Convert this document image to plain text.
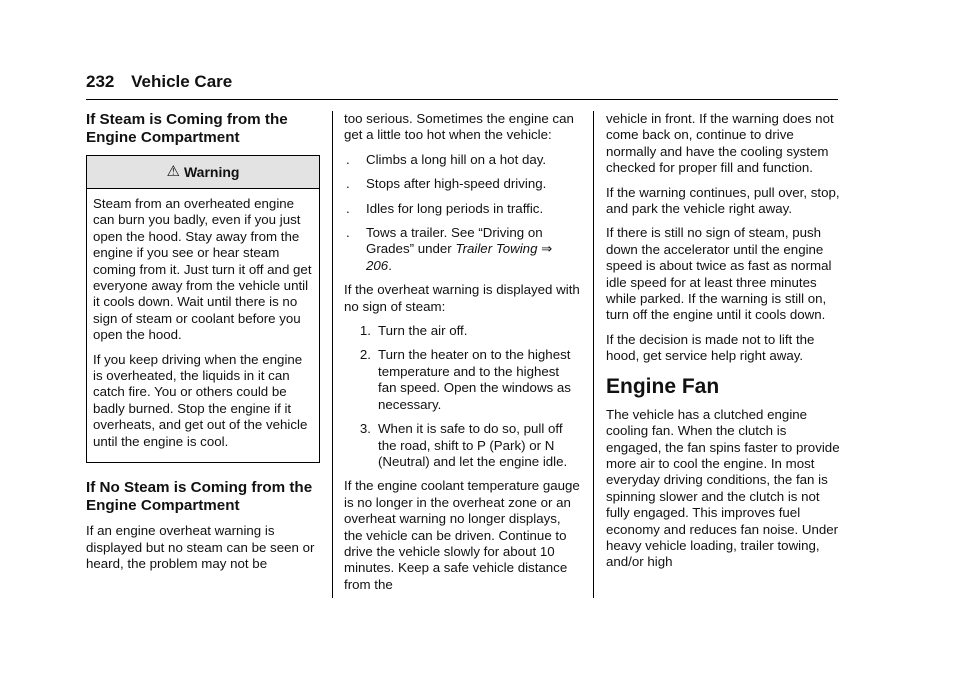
232 Vehicle Care
If Steam is Coming from the Engine Compartment
⚠ Warning

Steam from an overheated engine can burn you badly, even if you just open the hood. Stay away from the engine if you see or hear steam coming from it. Just turn it off and get everyone away from the vehicle until it cools down. Wait until there is no sign of steam or coolant before you open the hood.

If you keep driving when the engine is overheated, the liquids in it can catch fire. You or others could be badly burned. Stop the engine if it overheats, and get out of the vehicle until the engine is cool.

If No Steam is Coming from the Engine Compartment

If an engine overheat warning is displayed but no steam can be seen or heard, the problem may not be

too serious. Sometimes the engine can get a little too hot when the vehicle:

.	Climbs a long hill on a hot day.
.	Stops after high-speed driving.
.	Idles for long periods in traffic.
.	Tows a trailer. See “Driving on Grades” under Trailer Towing ⇒ 206.

If the overheat warning is displayed with no sign of steam:

1. Turn the air off.
2. Turn the heater on to the highest temperature and to the highest fan speed. Open the windows as necessary.
3. When it is safe to do so, pull off the road, shift to P (Park) or N (Neutral) and let the engine idle.

If the engine coolant temperature gauge is no longer in the overheat zone or an overheat warning no longer displays, the vehicle can be driven. Continue to drive the vehicle slowly for about 10 minutes. Keep a safe vehicle distance from the

vehicle in front. If the warning does not come back on, continue to drive normally and have the cooling system checked for proper fill and function.

If the warning continues, pull over, stop, and park the vehicle right away.

If there is still no sign of steam, push down the accelerator until the engine speed is about twice as fast as normal idle speed for at least three minutes while parked. If the warning is still on, turn off the engine until it cools down.

If the decision is made not to lift the hood, get service help right away.

Engine Fan

The vehicle has a clutched engine cooling fan. When the clutch is engaged, the fan spins faster to provide more air to cool the engine. In most everyday driving conditions, the fan is spinning slower and the clutch is not fully engaged. This improves fuel economy and reduces fan noise. Under heavy vehicle loading, trailer towing, and/or high
